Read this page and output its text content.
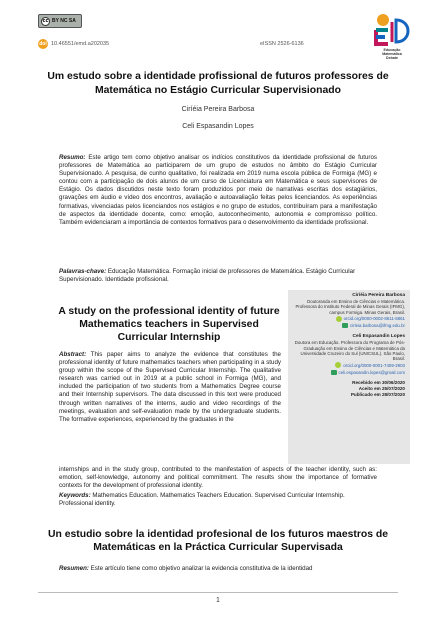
cc BY NC SA
doi 10.46551/emd.a202035	eISSN 2526-6136
Educação
Matemática
Debate
Um estudo sobre a identidade profissional de futuros professores de Matemática no Estágio Curricular Supervisionado
Ciríéia Pereira Barbosa
Celi Espasandin Lopes

Resumo: Este artigo tem como objetivo analisar os indícios constitutivos da identidade profissional de futuros professores de Matemática ao participarem de um grupo de estudos no âmbito do Estágio Curricular Supervisionado. A pesquisa, de cunho qualitativo, foi realizada em 2019 numa escola pública de Formiga (MG) e contou com a participação de dois alunos de um curso de Licenciatura em Matemática e seus supervisores de Estágio. Os dados discutidos neste texto foram produzidos por meio de narrativas escritas dos estagiários, gravações em áudio e vídeo dos encontros, avaliação e autoavaliação feitas pelos licenciandos. As experiências formativas, vivenciadas pelos licenciandos nos estágios e no grupo de estudos, contribuíram para a manifestação de aspectos da identidade docente, como: emoção, autoconhecimento, autonomia e compromisso político. Também evidenciaram a importância de contextos formativos para o desenvolvimento da identidade profissional.

Palavras-chave: Educação Matemática. Formação inicial de professores de Matemática. Estágio Curricular Supervisionado. Identidade profissional.

A study on the professional identity of future Mathematics teachers in Supervised Curricular Internship

Abstract: This paper aims to analyze the evidence that constitutes the professional identity of future mathematics teachers when participating in a study group within the scope of the Supervised Curricular Internship. The qualitative research was carried out in 2019 at a public school in Formiga (MG), and included the participation of two students from a Mathematics Degree course and their Internship supervisors. The data discussed in this text were produced through written narratives of the interns, audio and video recordings of the meetings, evaluation and self-evaluation made by the undergraduate students. The formative experiences, experienced by the graduates in the

internships and in the study group, contributed to the manifestation of aspects of the teacher identity, such as: emotion, self-knowledge, autonomy and political commitment. The results show the importance of formative contexts for the development of professional identity.

Keywords: Mathematics Education. Mathematics Teachers Education. Supervised Curricular Internship. Professional identity.

Ciríéia Pereira Barbosa
Doutoranda em Ensino de Ciências e Matemática. Professora do Instituto Federal de Minas Gerais (IFMG), campus Formiga. Minas Gerais, Brasil.
orcid.org/0000-0002-8611-6861
cirleia.barbosa@ifmg.edu.br
Celi Espasandin Lopes
Doutora em Educação. Professora do Programa de Pós-Graduação em Ensino de Ciências e Matemática da Universidade Cruzeiro do Sul (UNICSUL). São Paulo, Brasil.
orcid.org/0000-0001-7409-2903
celi.espasandin.lopes@gmail.com
Recebido em 30/06/2020
Aceito em 25/07/2020
Publicado em 28/07/2020
Un estudio sobre la identidad profesional de los futuros maestros de Matemáticas en la Práctica Curricular Supervisada

Resumen: Este artículo tiene como objetivo analizar la evidencia constitutiva de la identidad

1
